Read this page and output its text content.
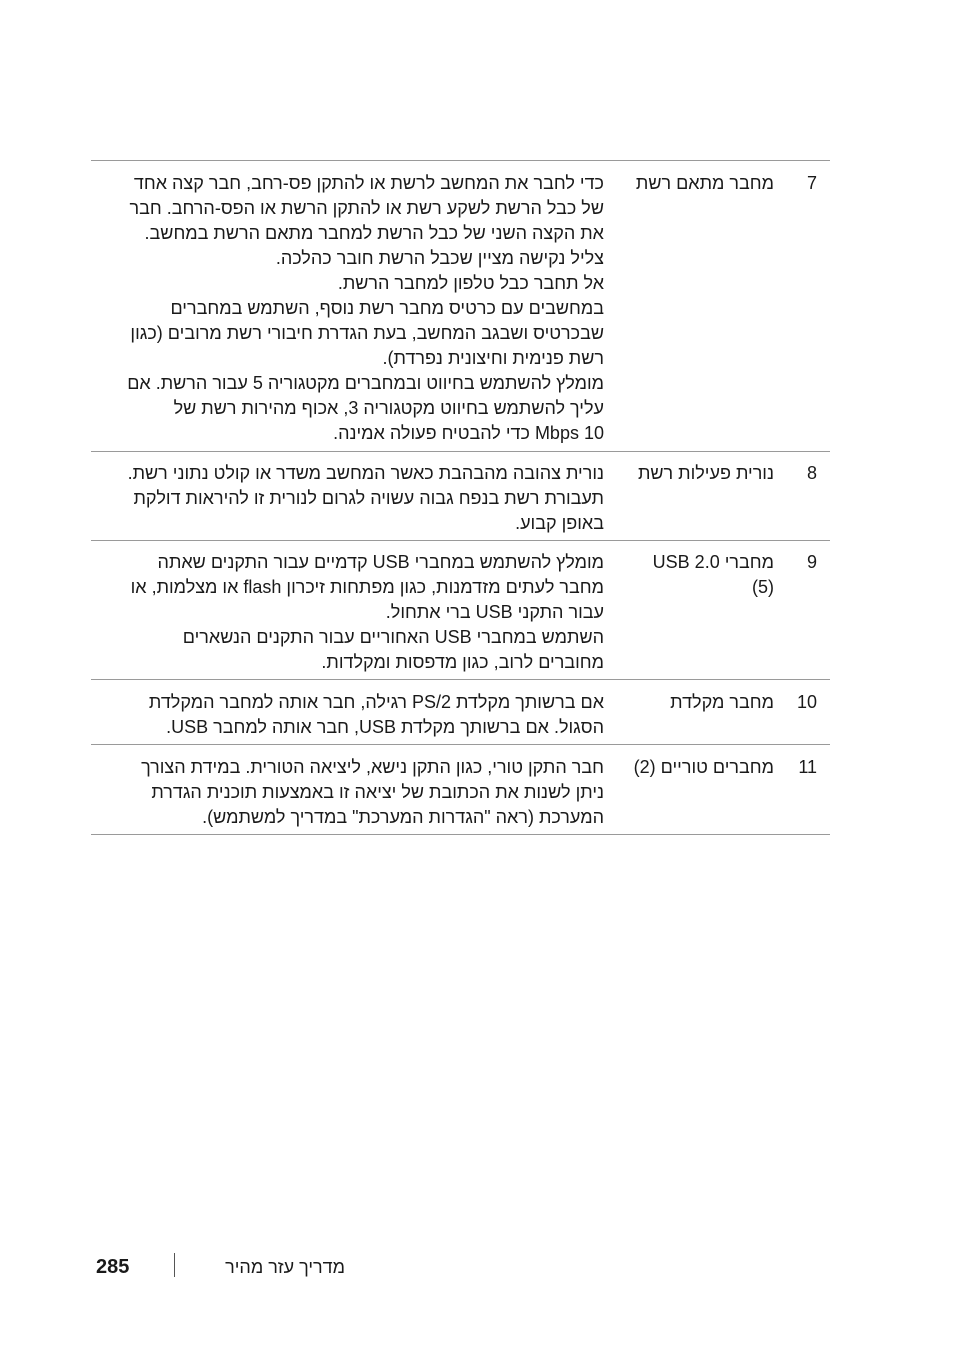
7
מחבר מתאם רשת
כדי לחבר את המחשב לרשת או להתקן פס-רחב, חבר קצה אחד
של כבל הרשת לשקע רשת או להתקן הרשת או הפס-הרחב. חבר
את הקצה השני של כבל הרשת למחבר מתאם הרשת במחשב.
צליל נקישה מציין שכבל הרשת חובר כהלכה.
אל תחבר כבל טלפון למחבר הרשת.
במחשבים עם כרטיס מחבר רשת נוסף, השתמש במחברים
שבכרטיס ושבגב המחשב, בעת הגדרת חיבורי רשת מרובים (כגון
רשת פנימית וחיצונית נפרדת).
מומלץ להשתמש בחיווט ובמחברים מקטגוריה 5 עבור הרשת. אם
עליך להשתמש בחיווט מקטגוריה 3, אכוף מהירות רשת של
10 Mbps כדי להבטיח פעולה אמינה.
8
נורית פעילות רשת
נורית צהובה מהבהבת כאשר המחשב משדר או קולט נתוני רשת.
תעבורת רשת בנפח גבוה עשויה לגרום לנורית זו להיראות דולקת
באופן קבוע.
9
מחברי USB 2.0
(5)
מומלץ להשתמש במחברי USB קדמיים עבור התקנים שאתה
מחבר לעתים מזדמנות, כגון מפתחות זיכרון flash או מצלמות, או
עבור התקני USB ברי אתחול.
השתמש במחברי USB האחוריים עבור התקנים הנשארים
מחוברים לרוב, כגון מדפסות ומקלדות.
10
מחבר מקלדת
אם ברשותך מקלדת PS/2 רגילה, חבר אותה למחבר המקלדת
הסגול. אם ברשותך מקלדת USB, חבר אותה למחבר USB.
11
מחברים טוריים (2)
חבר התקן טורי, כגון התקן נישא, ליציאה הטורית. במידת הצורך
ניתן לשנות את הכתובת של יציאה זו באמצעות תוכנית הגדרת
המערכת (ראה "הגדרות המערכת" במדריך למשתמש).
285	מדריך עזר מהיר
